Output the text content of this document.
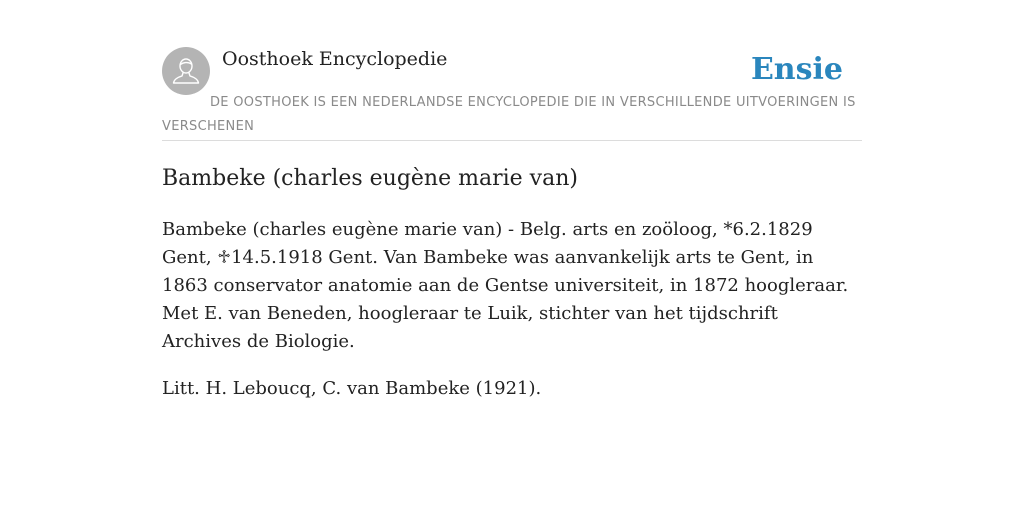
Oosthoek Encyclopedie	Ensie
DE OOSTHOEK IS EEN NEDERLANDSE ENCYCLOPEDIE DIE IN VERSCHILLENDE UITVOERINGEN IS VERSCHENEN
Bambeke (charles eugène marie van)

Bambeke (charles eugène marie van) - Belg. arts en zoöloog, *6.2.1829 Gent, ♱14.5.1918 Gent. Van Bambeke was aanvankelijk arts te Gent, in 1863 conservator anatomie aan de Gentse universiteit, in 1872 hoogleraar. Met E. van Beneden, hoogleraar te Luik, stichter van het tijdschrift Archives de Biologie.

Litt. H. Leboucq, C. van Bambeke (1921).
